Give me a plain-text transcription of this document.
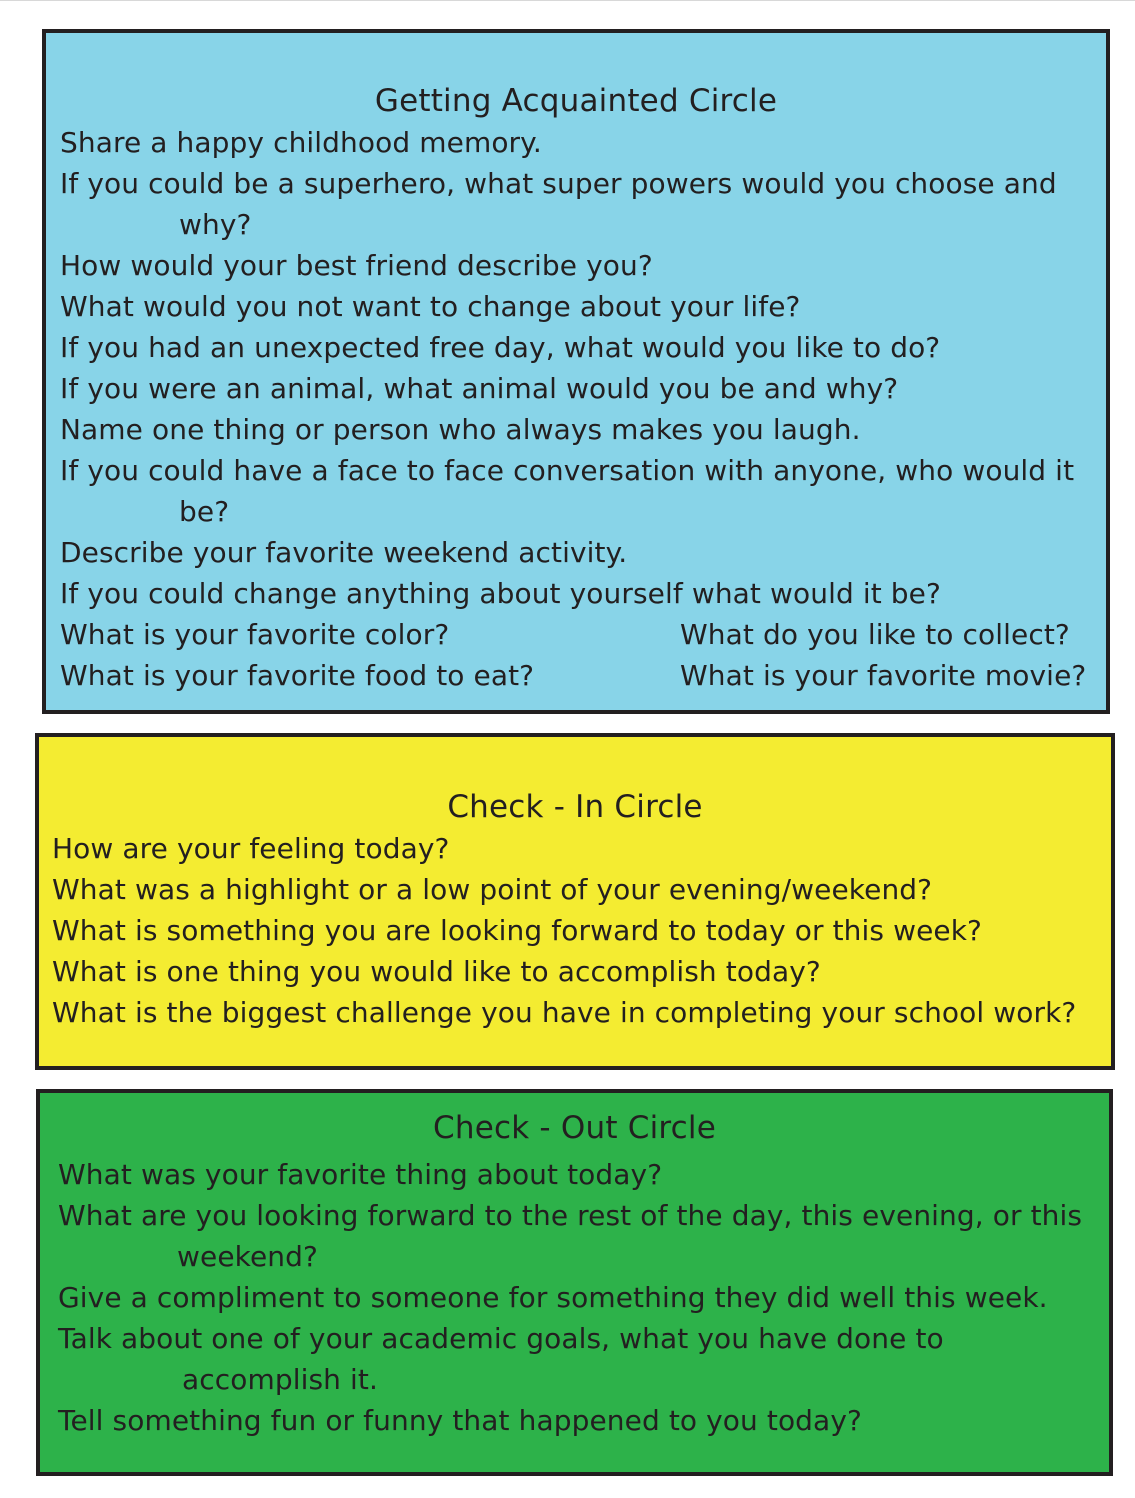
Getting Acquainted Circle
Share a happy childhood memory.
If you could be a superhero, what super powers would you choose and
why?
How would your best friend describe you?
What would you not want to change about your life?
If you had an unexpected free day, what would you like to do?
If you were an animal, what animal would you be and why?
Name one thing or person who always makes you laugh.
If you could have a face to face conversation with anyone, who would it
be?
Describe your favorite weekend activity.
If you could change anything about yourself what would it be?
What is your favorite color?
What is your favorite food to eat?
What do you like to collect?
What is your favorite movie?
Check - In Circle
How are your feeling today?
What was a highlight or a low point of your evening/weekend?
What is something you are looking forward to today or this week?
What is one thing you would like to accomplish today?
What is the biggest challenge you have in completing your school work?
Check - Out Circle
What was your favorite thing about today?
What are you looking forward to the rest of the day, this evening, or this
weekend?
Give a compliment to someone for something they did well this week.
Talk about one of your academic goals, what you have done to
accomplish it.
Tell something fun or funny that happened to you today?
